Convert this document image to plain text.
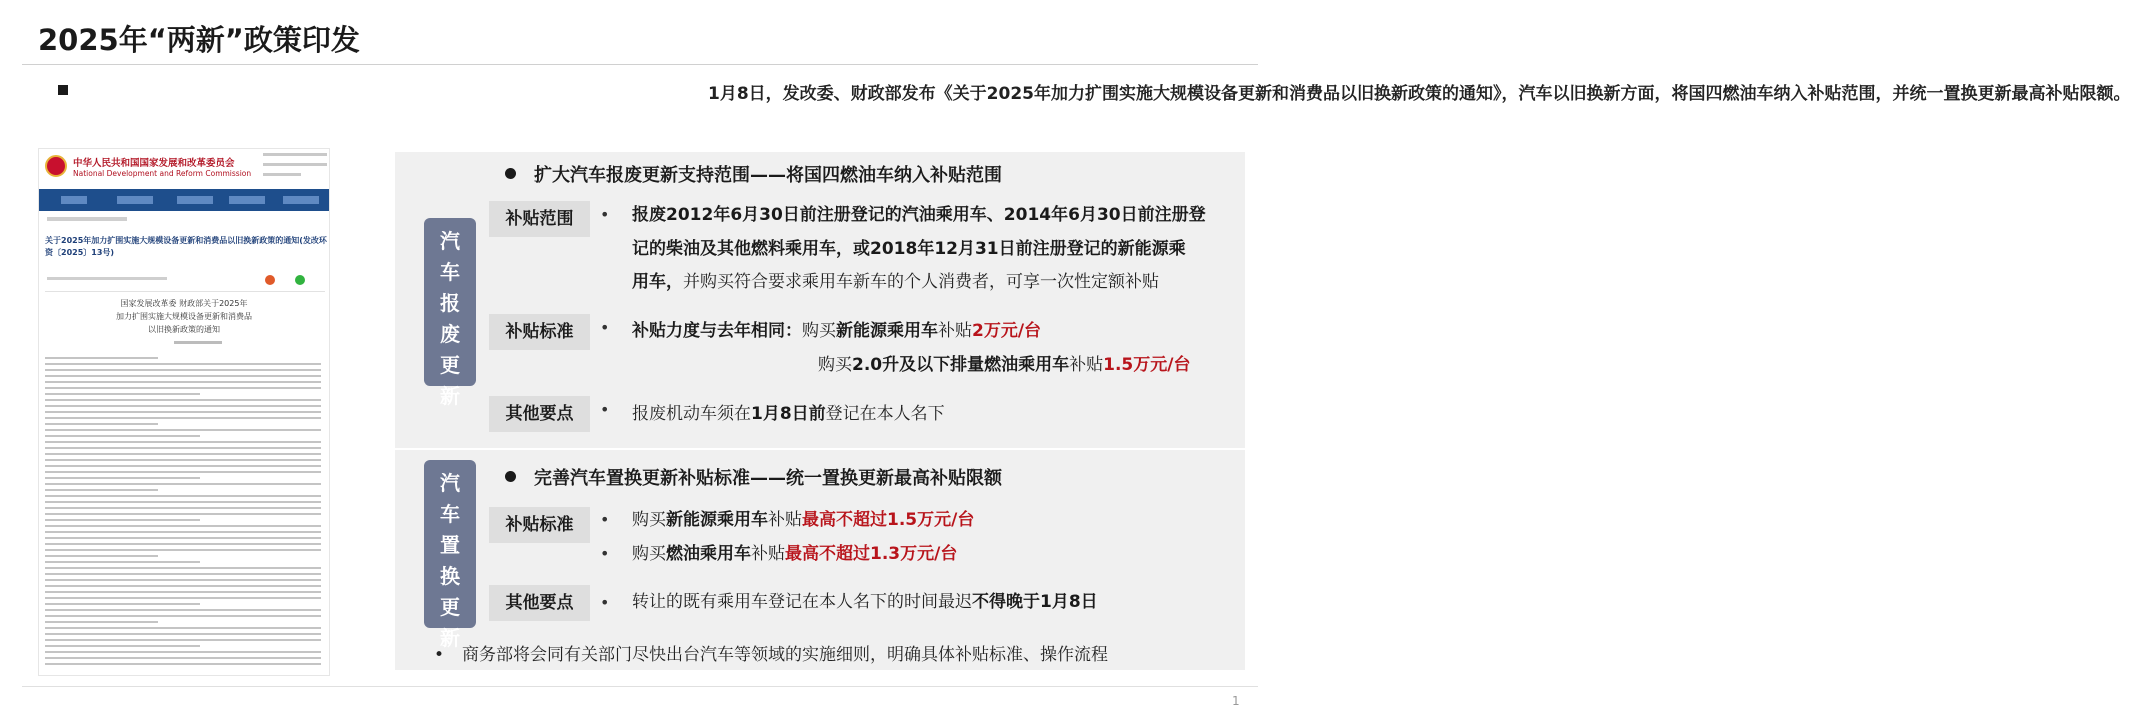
2025年“两新”政策印发
1月8日，发改委、财政部发布《关于2025年加力扩围实施大规模设备更新和消费品以旧换新政策的通知》，汽车以旧换新方面，将国四燃油车纳入补贴范围，并统一置换更新最高补贴限额。
中华人民共和国国家发展和改革委员会
National Development and Reform Commission
关于2025年加力扩围实施大规模设备更新和消费品以旧换新政策的通知(发改环资〔2025〕13号)
国家发展改革委 财政部关于2025年
加力扩围实施大规模设备更新和消费品
以旧换新政策的通知
汽
车
报
废
更
新
扩大汽车报废更新支持范围——将国四燃油车纳入补贴范围
补贴范围	• 报废2012年6月30日前注册登记的汽油乘用车、2014年6月30日前注册登
记的柴油及其他燃料乘用车，或2018年12月31日前注册登记的新能源乘
用车，并购买符合要求乘用车新车的个人消费者，可享一次性定额补贴
补贴标准	• 补贴力度与去年相同：购买新能源乘用车补贴2万元/台
购买2.0升及以下排量燃油乘用车补贴1.5万元/台
其他要点	• 报废机动车须在1月8日前登记在本人名下
汽
车
置
换
更
新
完善汽车置换更新补贴标准——统一置换更新最高补贴限额
补贴标准	• 购买新能源乘用车补贴最高不超过1.5万元/台
• 购买燃油乘用车补贴最高不超过1.3万元/台
其他要点	• 转让的既有乘用车登记在本人名下的时间最迟不得晚于1月8日
• 商务部将会同有关部门尽快出台汽车等领域的实施细则，明确具体补贴标准、操作流程
1
